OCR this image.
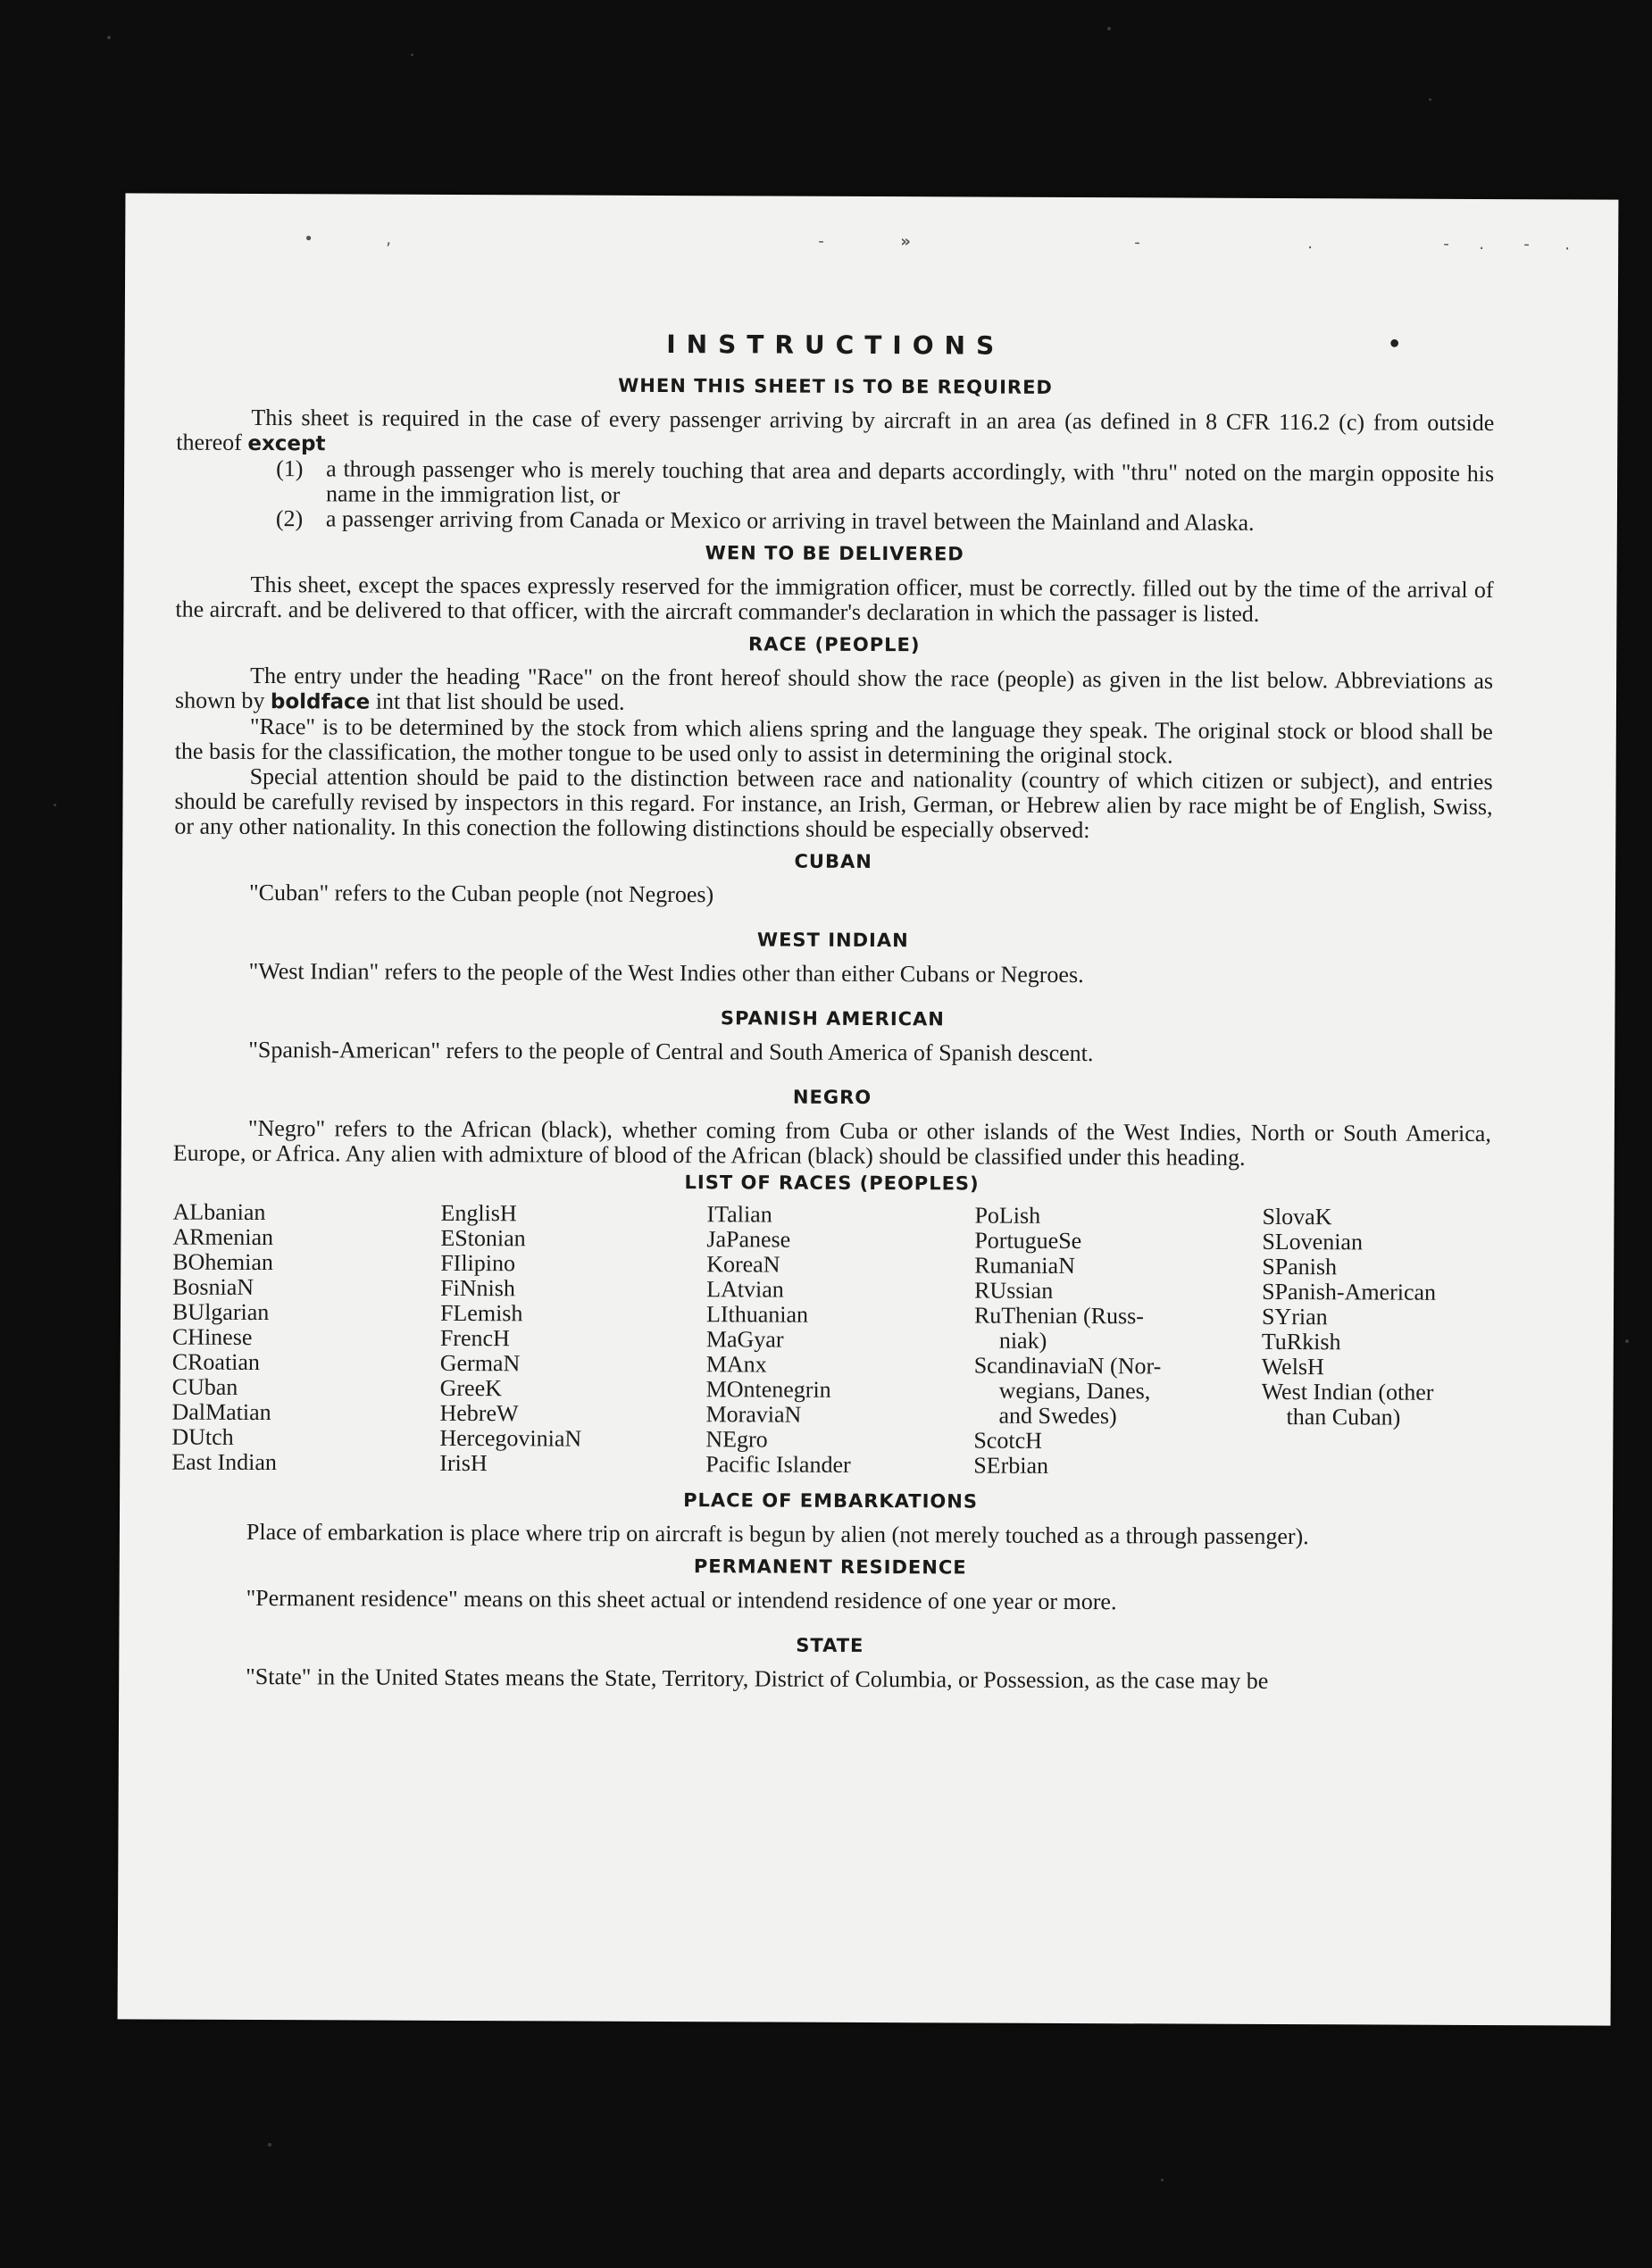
•	,	-	»	-	.	- . - .
INSTRUCTIONS	•
WHEN THIS SHEET IS TO BE REQUIRED

This sheet is required in the case of every passenger arriving by aircraft in an area (as defined in 8 CFR 116.2 (c) from outside thereof except

(1) a through passenger who is merely touching that area and departs accordingly, with "thru" noted on the margin opposite his name in the immigration list, or
(2) a passenger arriving from Canada or Mexico or arriving in travel between the Mainland and Alaska.
WEN TO BE DELIVERED

This sheet, except the spaces expressly reserved for the immigration officer, must be correctly. filled out by the time of the arrival of the aircraft. and be delivered to that officer, with the aircraft commander's declaration in which the passager is listed.

RACE (PEOPLE)

The entry under the heading "Race" on the front hereof should show the race (people) as given in the list below. Abbreviations as shown by boldface int that list should be used.

"Race" is to be determined by the stock from which aliens spring and the language they speak. The original stock or blood shall be the basis for the classification, the mother tongue to be used only to assist in determining the original stock.

Special attention should be paid to the distinction between race and nationality (country of which citizen or subject), and entries should be carefully revised by inspectors in this regard. For instance, an Irish, German, or Hebrew alien by race might be of English, Swiss, or any other nationality. In this conection the following distinctions should be especially observed:

CUBAN

"Cuban" refers to the Cuban people (not Negroes)

WEST INDIAN

"West Indian" refers to the people of the West Indies other than either Cubans or Negroes.

SPANISH AMERICAN

"Spanish-American" refers to the people of Central and South America of Spanish descent.

NEGRO

"Negro" refers to the African (black), whether coming from Cuba or other islands of the West Indies, North or South America, Europe, or Africa. Any alien with admixture of blood of the African (black) should be classified under this heading.

LIST OF RACES (PEOPLES)
ALbanian
ARmenian
BOhemian
BosniaN
BUlgarian
CHinese
CRoatian
CUban
DalMatian
DUtch
East Indian
EnglisH
EStonian
FIlipino
FiNnish
FLemish
FrencH
GermaN
GreeK
HebreW
HercegoviniaN
IrisH
ITalian
JaPanese
KoreaN
LAtvian
LIthuanian
MaGyar
MAnx
MOntenegrin
MoraviaN
NEgro
Pacific Islander
PoLish
PortugueSe
RumaniaN
RUssian
RuThenian (Russ-
niak)
ScandinaviaN (Nor-
wegians, Danes,
and Swedes)
ScotcH
SErbian
SlovaK
SLovenian
SPanish
SPanish-American
SYrian
TuRkish
WelsH
West Indian (other
than Cuban)
PLACE OF EMBARKATIONS

Place of embarkation is place where trip on aircraft is begun by alien (not merely touched as a through passenger).

PERMANENT RESIDENCE

"Permanent residence" means on this sheet actual or intendend residence of one year or more.

STATE

"State" in the United States means the State, Territory, District of Columbia, or Possession, as the case may be
